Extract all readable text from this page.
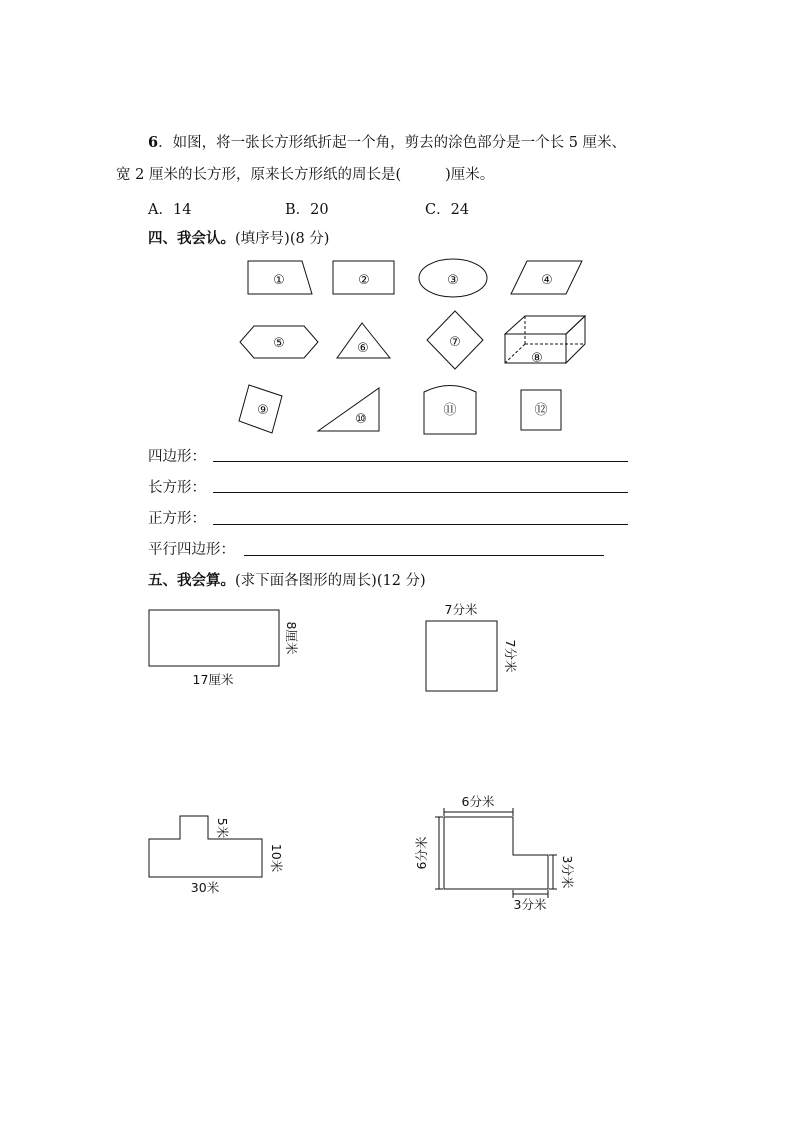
6．如图，将一张长方形纸折起一个角，剪去的涂色部分是一个长 5 厘米、
宽 2 厘米的长方形，原来长方形纸的周长是(	)厘米。
A．14	B．20	C．24
四、我会认。(填序号)(8 分)
①	②	③	④
⑤	⑥	⑦
⑧
⑨
⑩
⑪	⑫
17厘米
8厘米
7分米
7分米
30米
5米
10米
6分米
6分米
3分米
3分米
四边形：
长方形：
正方形：
平行四边形：
五、我会算。(求下面各图形的周长)(12 分)
